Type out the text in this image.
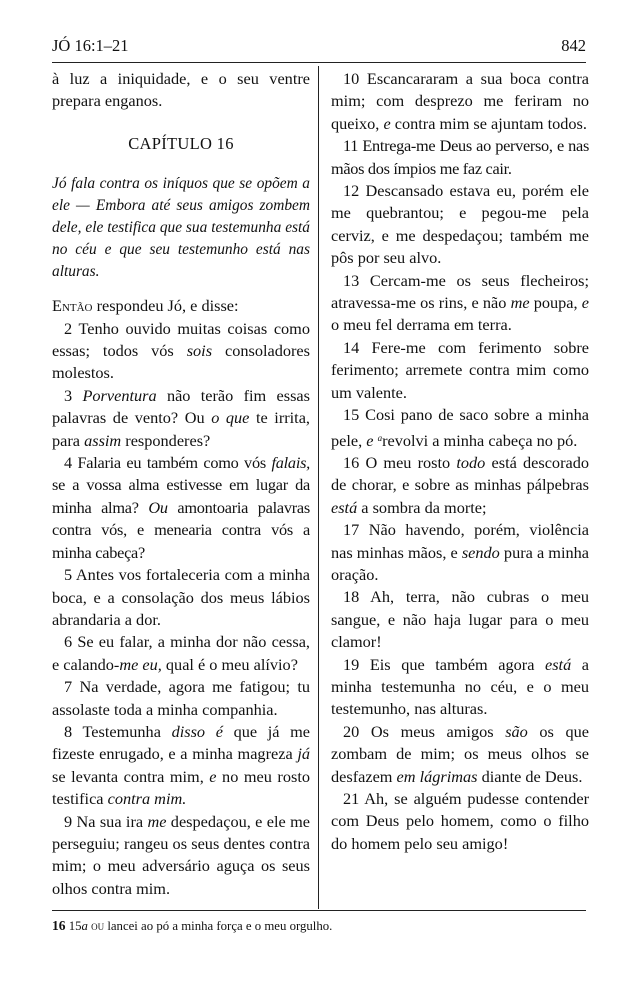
JÓ 16:1–21	842

à luz a iniquidade, e o seu ventre prepara enganos.

CAPÍTULO 16

Jó fala contra os iníquos que se opõem a ele — Embora até seus amigos zombem dele, ele testifica que sua testemunha está no céu e que seu testemunho está nas alturas.

Então respondeu Jó, e disse:

2 Tenho ouvido muitas coisas como essas; todos vós sois consoladores molestos.

3 Porventura não terão fim essas palavras de vento? Ou o que te irrita, para assim responderes?

4 Falaria eu também como vós falais, se a vossa alma estivesse em lugar da minha alma? Ou amontoaria palavras contra vós, e menearia contra vós a minha cabeça?

5 Antes vos fortaleceria com a minha boca, e a consolação dos meus lábios abrandaria a dor.

6 Se eu falar, a minha dor não cessa, e calando-me eu, qual é o meu alívio?

7 Na verdade, agora me fatigou; tu assolaste toda a minha companhia.

8 Testemunha disso é que já me fizeste enrugado, e a minha magreza já se levanta contra mim, e no meu rosto testifica contra mim.

9 Na sua ira me despedaçou, e ele me perseguiu; rangeu os seus dentes contra mim; o meu adversário aguça os seus olhos contra mim.

10 Escancararam a sua boca contra mim; com desprezo me feriram no queixo, e contra mim se ajuntam todos.

11 Entrega-me Deus ao perverso, e nas mãos dos ímpios me faz cair.

12 Descansado estava eu, porém ele me quebrantou; e pegou-me pela cerviz, e me despedaçou; também me pôs por seu alvo.

13 Cercam-me os seus flecheiros; atravessa-me os rins, e não me poupa, e o meu fel derrama em terra.

14 Fere-me com ferimento sobre ferimento; arremete contra mim como um valente.

15 Cosi pano de saco sobre a minha pele, e $^a$revolvi a minha cabeça no pó.

16 O meu rosto todo está descorado de chorar, e sobre as minhas pálpebras está a sombra da morte;

17 Não havendo, porém, violência nas minhas mãos, e sendo pura a minha oração.

18 Ah, terra, não cubras o meu sangue, e não haja lugar para o meu clamor!

19 Eis que também agora está a minha testemunha no céu, e o meu testemunho, nas alturas.

20 Os meus amigos são os que zombam de mim; os meus olhos se desfazem em lágrimas diante de Deus.

21 Ah, se alguém pudesse contender com Deus pelo homem, como o filho do homem pelo seu amigo!

16 15a ou lancei ao pó a minha força e o meu orgulho.
